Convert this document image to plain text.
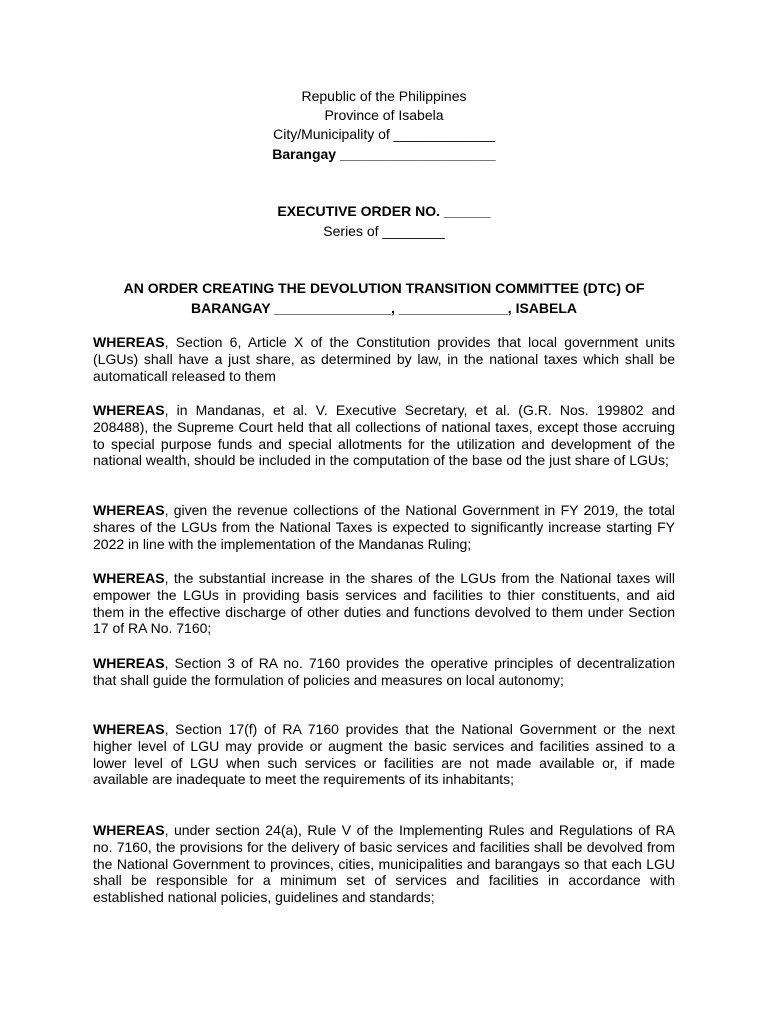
Republic of the Philippines
Province of Isabela
City/Municipality of _____________
Barangay ____________________
EXECUTIVE ORDER NO. ______
Series of ________
AN ORDER CREATING THE DEVOLUTION TRANSITION COMMITTEE (DTC) OF
BARANGAY _______________, ______________, ISABELA
WHEREAS, Section 6, Article X of the Constitution provides that local government units (LGUs) shall have a just share, as determined by law, in the national taxes which shall be automaticall released to them
WHEREAS, in Mandanas, et al. V. Executive Secretary, et al. (G.R. Nos. 199802 and 208488), the Supreme Court held that all collections of national taxes, except those accruing to special purpose funds and special allotments for the utilization and development of the national wealth, should be included in the computation of the base od the just share of LGUs;
WHEREAS, given the revenue collections of the National Government in FY 2019, the total shares of the LGUs from the National Taxes is expected to significantly increase starting FY 2022 in line with the implementation of the Mandanas Ruling;
WHEREAS, the substantial increase in the shares of the LGUs from the National taxes will empower the LGUs in providing basis services and facilities to thier constituents, and aid them in the effective discharge of other duties and functions devolved to them under Section 17 of RA No. 7160;
WHEREAS, Section 3 of RA no. 7160 provides the operative principles of decentralization that shall guide the formulation of policies and measures on local autonomy;
WHEREAS, Section 17(f) of RA 7160 provides that the National Government or the next higher level of LGU may provide or augment the basic services and facilities assined to a lower level of LGU when such services or facilities are not made available or, if made available are inadequate to meet the requirements of its inhabitants;
WHEREAS, under section 24(a), Rule V of the Implementing Rules and Regulations of RA no. 7160, the provisions for the delivery of basic services and facilities shall be devolved from the National Government to provinces, cities, municipalities and barangays so that each LGU shall be responsible for a minimum set of services and facilities in accordance with established national policies, guidelines and standards;
